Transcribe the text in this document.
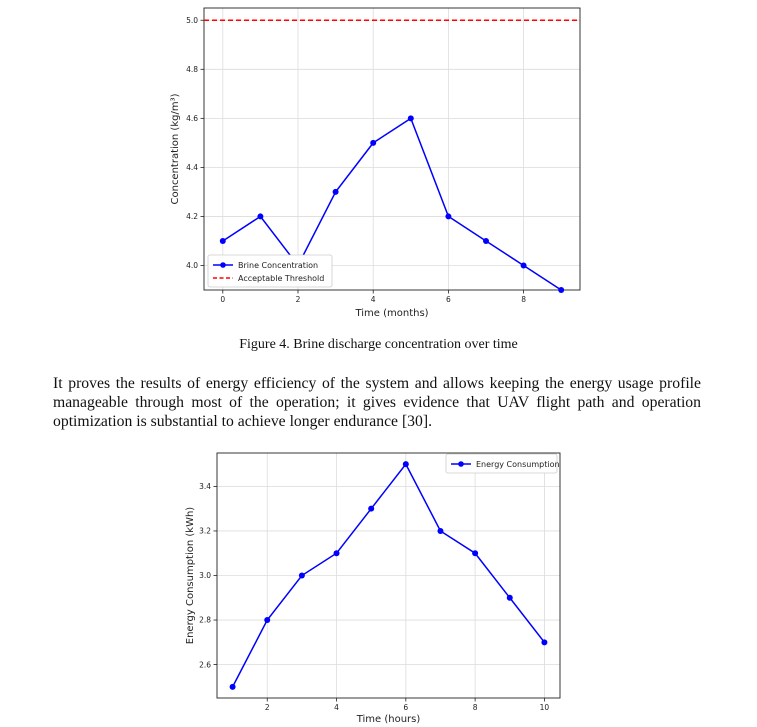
0	2	4	6	8
4.0
4.2
4.4
4.6
4.8
5.0
Time (months)
Concentration (kg/m³)
Brine Concentration
Acceptable Threshold
Figure 4. Brine discharge concentration over time
It proves the results of energy efficiency of the system and allows keeping the energy usage profile manageable through most of the operation; it gives evidence that UAV flight path and operation optimization is substantial to achieve longer endurance [30].
2	4	6	8	10
2.6
2.8
3.0
3.2
3.4
Time (hours)
Energy Consumption (kWh)
Energy Consumption
